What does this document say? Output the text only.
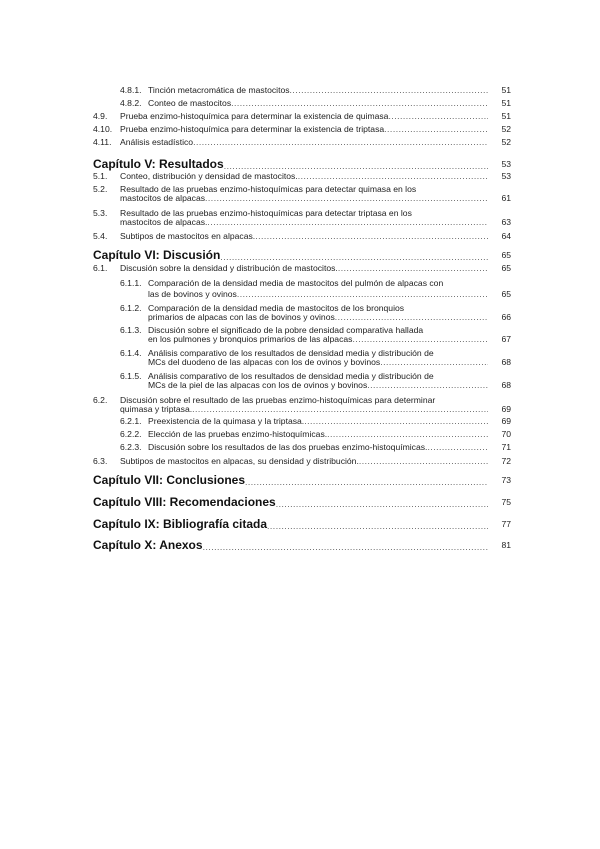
4.8.1. Tinción metacromática de mastocitos .....	51
4.8.2. Conteo de mastocitos .....	51
4.9. Prueba enzimo-histoquímica para determinar la existencia de quimasa .....	51
4.10. Prueba enzimo-histoquímica para determinar la existencia de triptasa .....	52
4.11. Análisis estadístico .....	52
Capítulo V: Resultados .....	53
5.1. Conteo, distribución y densidad de mastocitos. .....	53
5.2. Resultado de las pruebas enzimo-histoquímicas para detectar quimasa en los
mastocitos de alpacas .....	61
5.3. Resultado de las pruebas enzimo-histoquímicas para detectar triptasa en los
mastocitos de alpacas. .....	63
5.4. Subtipos de mastocitos en alpacas. .....	64
Capítulo VI: Discusión .....	65
6.1. Discusión sobre la densidad y distribución de mastocitos. .....	65
6.1.1. Comparación de la densidad media de mastocitos del pulmón de alpacas con
las de bovinos y ovinos .....	65
6.1.2. Comparación de la densidad media de mastocitos de los bronquios
primarios de alpacas con las de bovinos y ovinos .....	66
6.1.3. Discusión sobre el significado de la pobre densidad comparativa hallada
en los pulmones y bronquios primarios de las alpacas .....	67
6.1.4. Análisis comparativo de los resultados de densidad media y distribución de
MCs del duodeno de las alpacas con los de ovinos y bovinos .....	68
6.1.5. Análisis comparativo de los resultados de densidad media y distribución de
MCs de la piel de las alpacas con los de ovinos y bovinos .....	68
6.2. Discusión sobre el resultado de las pruebas enzimo-histoquímicas para determinar
quimasa y triptasa. .....	69
6.2.1. Preexistencia de la quimasa y la triptasa. .....	69
6.2.2. Elección de las pruebas enzimo-histoquímicas. .....	70
6.2.3. Discusión sobre los resultados de las dos pruebas enzimo-histoquímicas. .....	71
6.3. Subtipos de mastocitos en alpacas, su densidad y distribución. .....	72
Capítulo VII: Conclusiones .....	73
Capítulo VIII: Recomendaciones .....	75
Capítulo IX: Bibliografía citada .....	77
Capítulo X: Anexos .....	81
